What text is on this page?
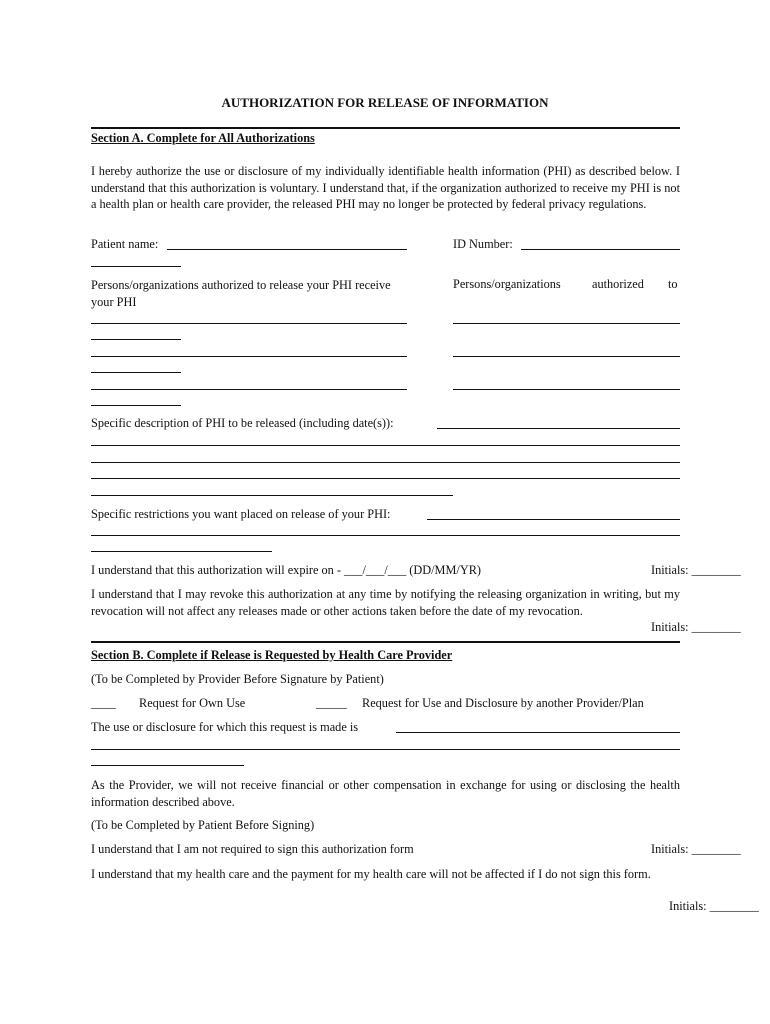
AUTHORIZATION FOR RELEASE OF INFORMATION
Section A. Complete for All Authorizations
I hereby authorize the use or disclosure of my individually identifiable health information (PHI) as described below. I understand that this authorization is voluntary. I understand that, if the organization authorized to receive my PHI is not a health plan or health care provider, the released PHI may no longer be protected by federal privacy regulations.
Patient name:	ID Number:
Persons/organizations authorized to release your PHI receive your PHI
Persons/organizations	authorized to
Specific description of PHI to be released (including date(s)):
Specific restrictions you want placed on release of your PHI:
I understand that this authorization will expire on - ___/___/___ (DD/MM/YR)	Initials: ________
I understand that I may revoke this authorization at any time by notifying the releasing organization in writing, but my revocation will not affect any releases made or other actions taken before the date of my revocation.
Initials: ________
Section B. Complete if Release is Requested by Health Care Provider
(To be Completed by Provider Before Signature by Patient)
____ Request for Own Use	_____ Request for Use and Disclosure by another Provider/Plan
The use or disclosure for which this request is made is
As the Provider, we will not receive financial or other compensation in exchange for using or disclosing the health information described above.
(To be Completed by Patient Before Signing)
I understand that I am not required to sign this authorization form	Initials: ________
I understand that my health care and the payment for my health care will not be affected if I do not sign this form.
Initials: ________
